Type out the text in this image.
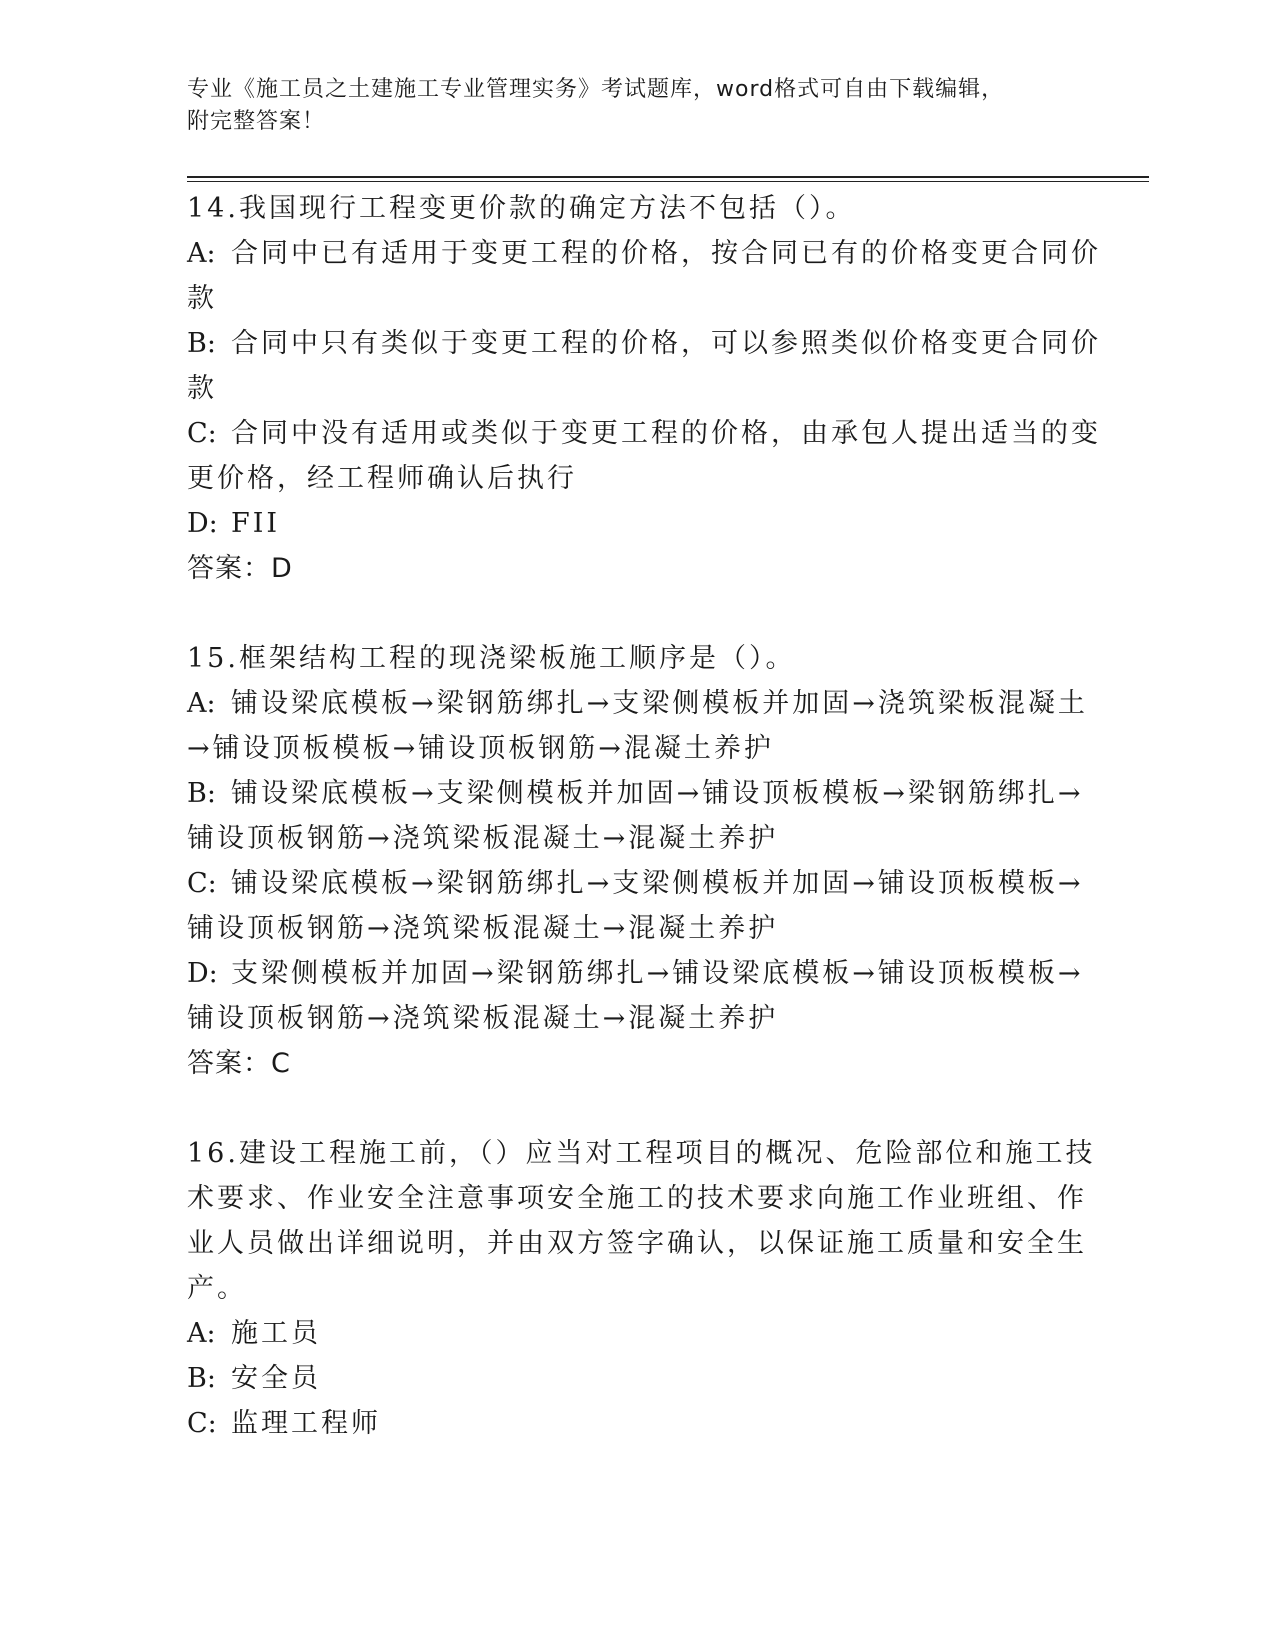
专业《施工员之土建施工专业管理实务》考试题库，word格式可自由下载编辑，
附完整答案！
14.我国现行工程变更价款的确定方法不包括（）。
A: 合同中已有适用于变更工程的价格，按合同已有的价格变更合同价
款
B: 合同中只有类似于变更工程的价格，可以参照类似价格变更合同价
款
C: 合同中没有适用或类似于变更工程的价格，由承包人提出适当的变
更价格，经工程师确认后执行
D: FII
答案：D
15.框架结构工程的现浇梁板施工顺序是（）。
A: 铺设梁底模板→梁钢筋绑扎→支梁侧模板并加固→浇筑梁板混凝土
→铺设顶板模板→铺设顶板钢筋→混凝土养护
B: 铺设梁底模板→支梁侧模板并加固→铺设顶板模板→梁钢筋绑扎→
铺设顶板钢筋→浇筑梁板混凝土→混凝土养护
C: 铺设梁底模板→梁钢筋绑扎→支梁侧模板并加固→铺设顶板模板→
铺设顶板钢筋→浇筑梁板混凝土→混凝土养护
D: 支梁侧模板并加固→梁钢筋绑扎→铺设梁底模板→铺设顶板模板→
铺设顶板钢筋→浇筑梁板混凝土→混凝土养护
答案：C
16.建设工程施工前，（）应当对工程项目的概况、危险部位和施工技
术要求、作业安全注意事项安全施工的技术要求向施工作业班组、作
业人员做出详细说明，并由双方签字确认，以保证施工质量和安全生
产。
A: 施工员
B: 安全员
C: 监理工程师
